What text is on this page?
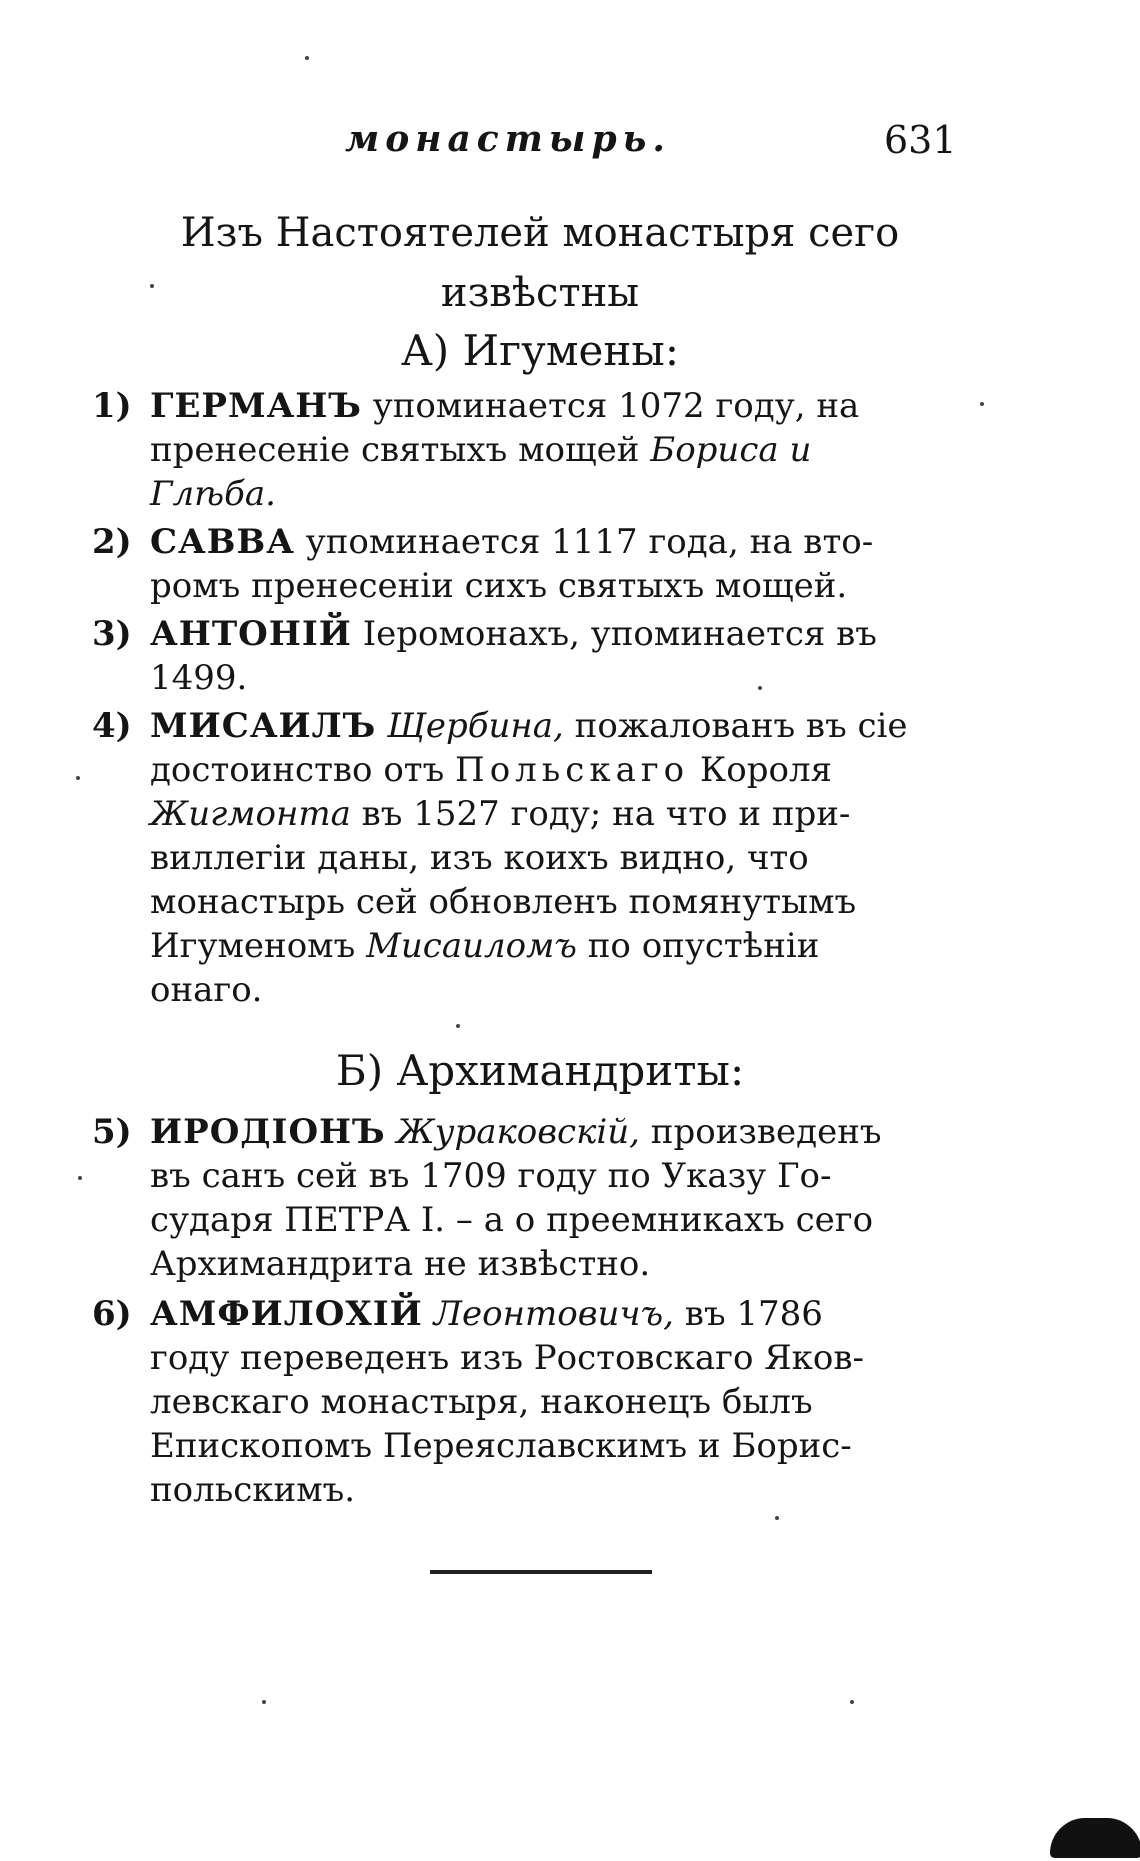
монастырь.	631
Изъ Настоятелей монастыря сего
извѣстны
А) Игумены:
1) ГЕРМАНЪ упоминается 1072 году, на
пренесеніе святыхъ мощей Бориса и
Глѣба.
2) САВВА упоминается 1117 года, на вто-
ромъ пренесеніи сихъ святыхъ мощей.
3) АНТОНІЙ Іеромонахъ, упоминается въ
1499.
4) МИСАИЛЪ Щербина, пожалованъ въ сіе
достоинство отъ Польскаго Короля
Жигмонта въ 1527 году; на что и при-
виллегіи даны, изъ коихъ видно, что
монастырь сей обновленъ помянутымъ
Игуменомъ Мисаиломъ по опустѣніи
онаго.
Б) Архимандриты:
5) ИРОДІОНЪ Жураковскій, произведенъ
въ санъ сей въ 1709 году по Указу Го-
сударя ПЕТРА I. – а о преемникахъ сего
Архимандрита не извѣстно.
6) АМФИЛОХІЙ Леонтовичъ, въ 1786
году переведенъ изъ Ростовскаго Яков-
левскаго монастыря, наконецъ былъ
Епископомъ Переяславскимъ и Борис-
польскимъ.
